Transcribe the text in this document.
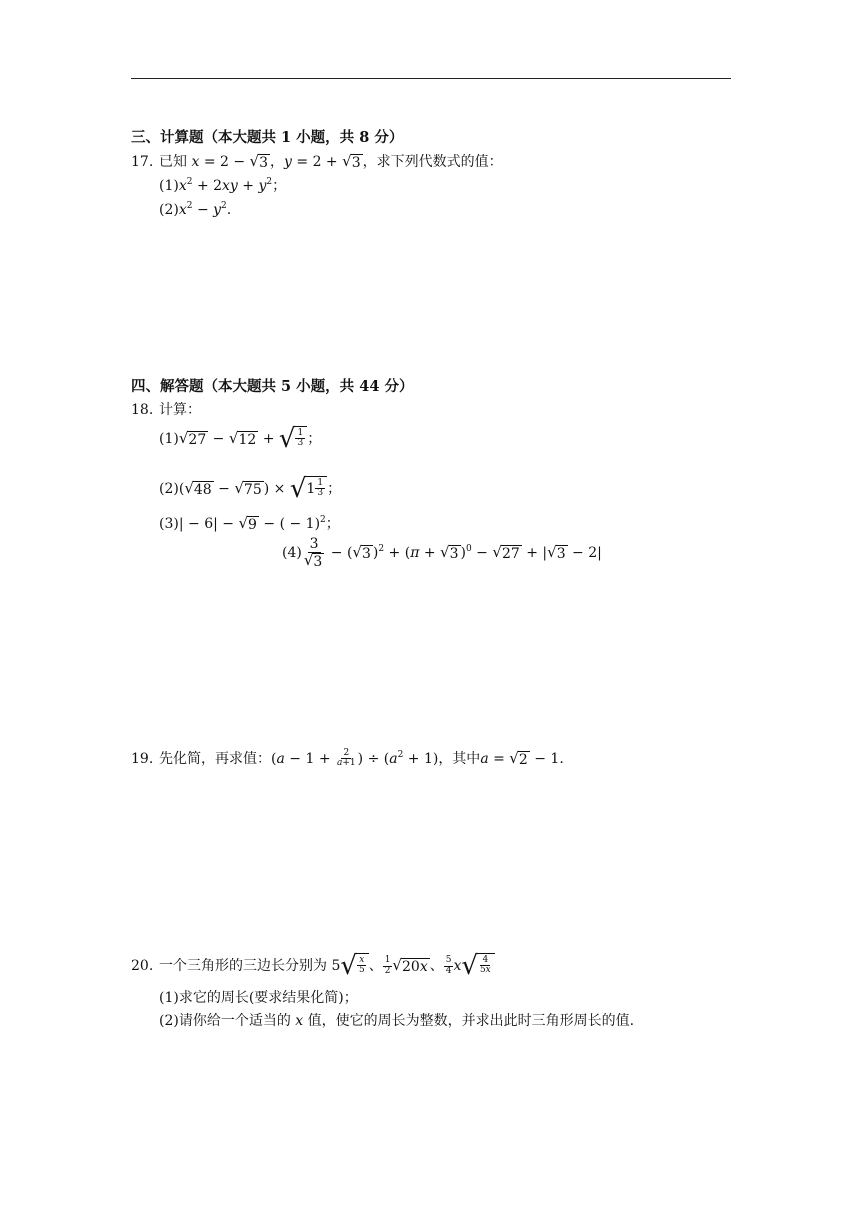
三、计算题（本大题共 1 小题，共 8 分）
17. 已知 x = 2 − √ 3 ，y = 2 + √ 3 ，求下列代数式的值：
$(1)x^2 + 2xy + y^2$；
$(2)x^2 - y^2$.
四、解答题（本大题共 5 小题，共 44 分）
18. 计算：
(1) √ 27 − √ 12 + √ $\frac{1}{3}$ ；
(2)( √ 48 − √ 75 ) × √ $1 \frac{1}{3}$ ；
(3)| − 6| − √ 9 − ( − 1)$^2$；
$(4) \frac{3}{√ 3}$ − ( √ 3 )$^2$ + (π + √ 3 )$^0$ − √ 27 + | √ 3 − 2|
19. 先化简，再求值：($a - 1 + \frac{2}{a+1}$ ) ÷ $(a^2 + 1)$，其中a = √ 2 − 1.
20. 一个三角形的三边长分别为 5 √ $\frac{x}{5}$ 、 $\frac{1}{2}$ √ 20x 、 $\frac{5}{4}$ x √ $\frac{4}{5x}$
(1)求它的周长(要求结果化简)；
(2)请你给一个适当的 x 值，使它的周长为整数，并求出此时三角形周长的值.
